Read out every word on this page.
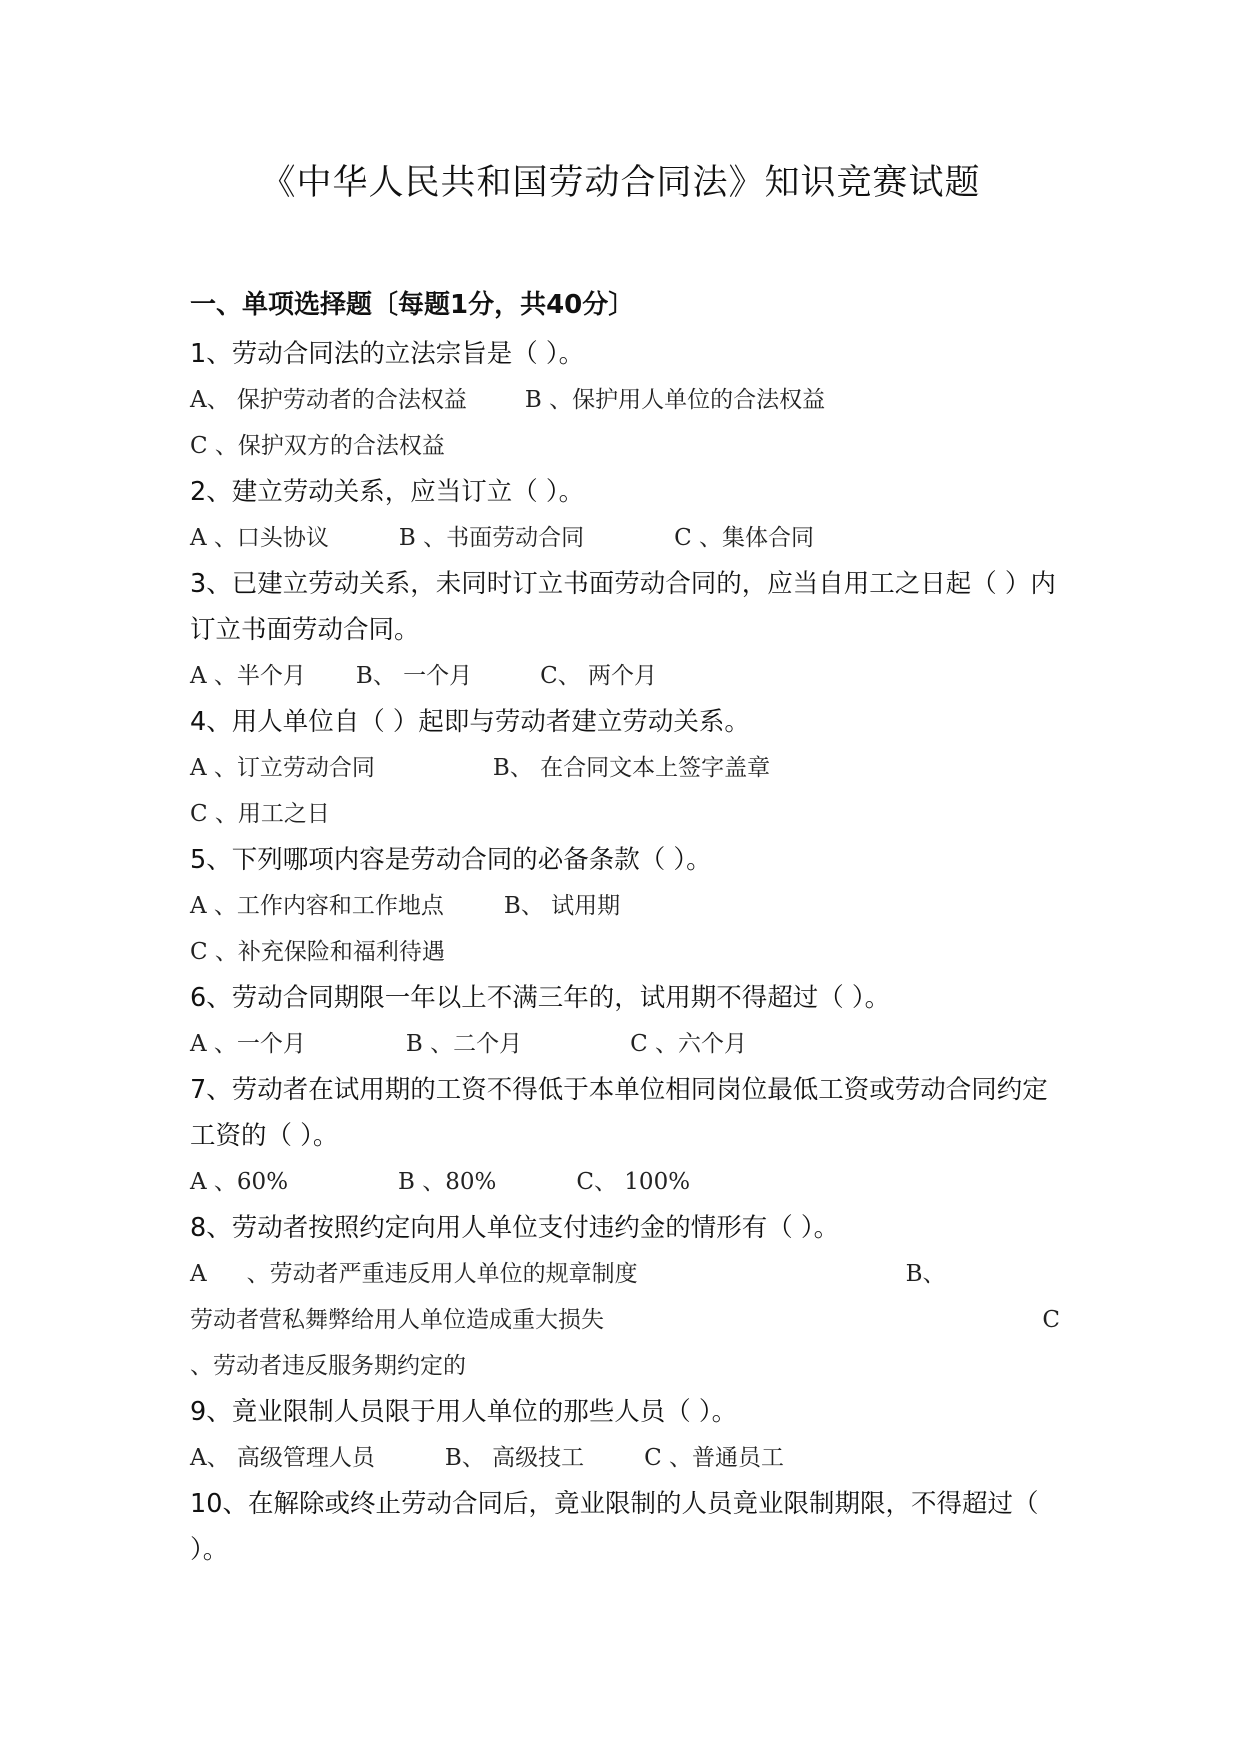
《中华人民共和国劳动合同法》知识竞赛试题
一、单项选择题〔每题1分，共40分〕
1、劳动合同法的立法宗旨是（ ）。
A、 保护劳动者的合法权益	B 、保护用人单位的合法权益
C 、保护双方的合法权益
2、建立劳动关系，应当订立（ ）。
A 、口头协议	B 、书面劳动合同	C 、集体合同
3、已建立劳动关系，未同时订立书面劳动合同的，应当自用工之日起（ ）内订立书面劳动合同。
A 、半个月 B、 一个月	C、 两个月
4、用人单位自（ ）起即与劳动者建立劳动关系。
A 、订立劳动合同	B、 在合同文本上签字盖章
C 、用工之日
5、下列哪项内容是劳动合同的必备条款（ ）。
A 、工作内容和工作地点	B、 试用期
C 、补充保险和福利待遇
6、劳动合同期限一年以上不满三年的，试用期不得超过（ ）。
A 、一个月	B 、二个月	C 、六个月
7、劳动者在试用期的工资不得低于本单位相同岗位最低工资或劳动合同约定工资的（ ）。
A 、60%	B 、80%	C、 100%
8、劳动者按照约定向用人单位支付违约金的情形有（ ）。
A 、劳动者严重违反用人单位的规章制度	B、
劳动者营私舞弊给用人单位造成重大损失	C
、劳动者违反服务期约定的
9、竟业限制人员限于用人单位的那些人员（ ）。
A、 高级管理人员	B、 高级技工	C 、普通员工
10、在解除或终止劳动合同后，竟业限制的人员竟业限制期限，不得超过（ ）。
